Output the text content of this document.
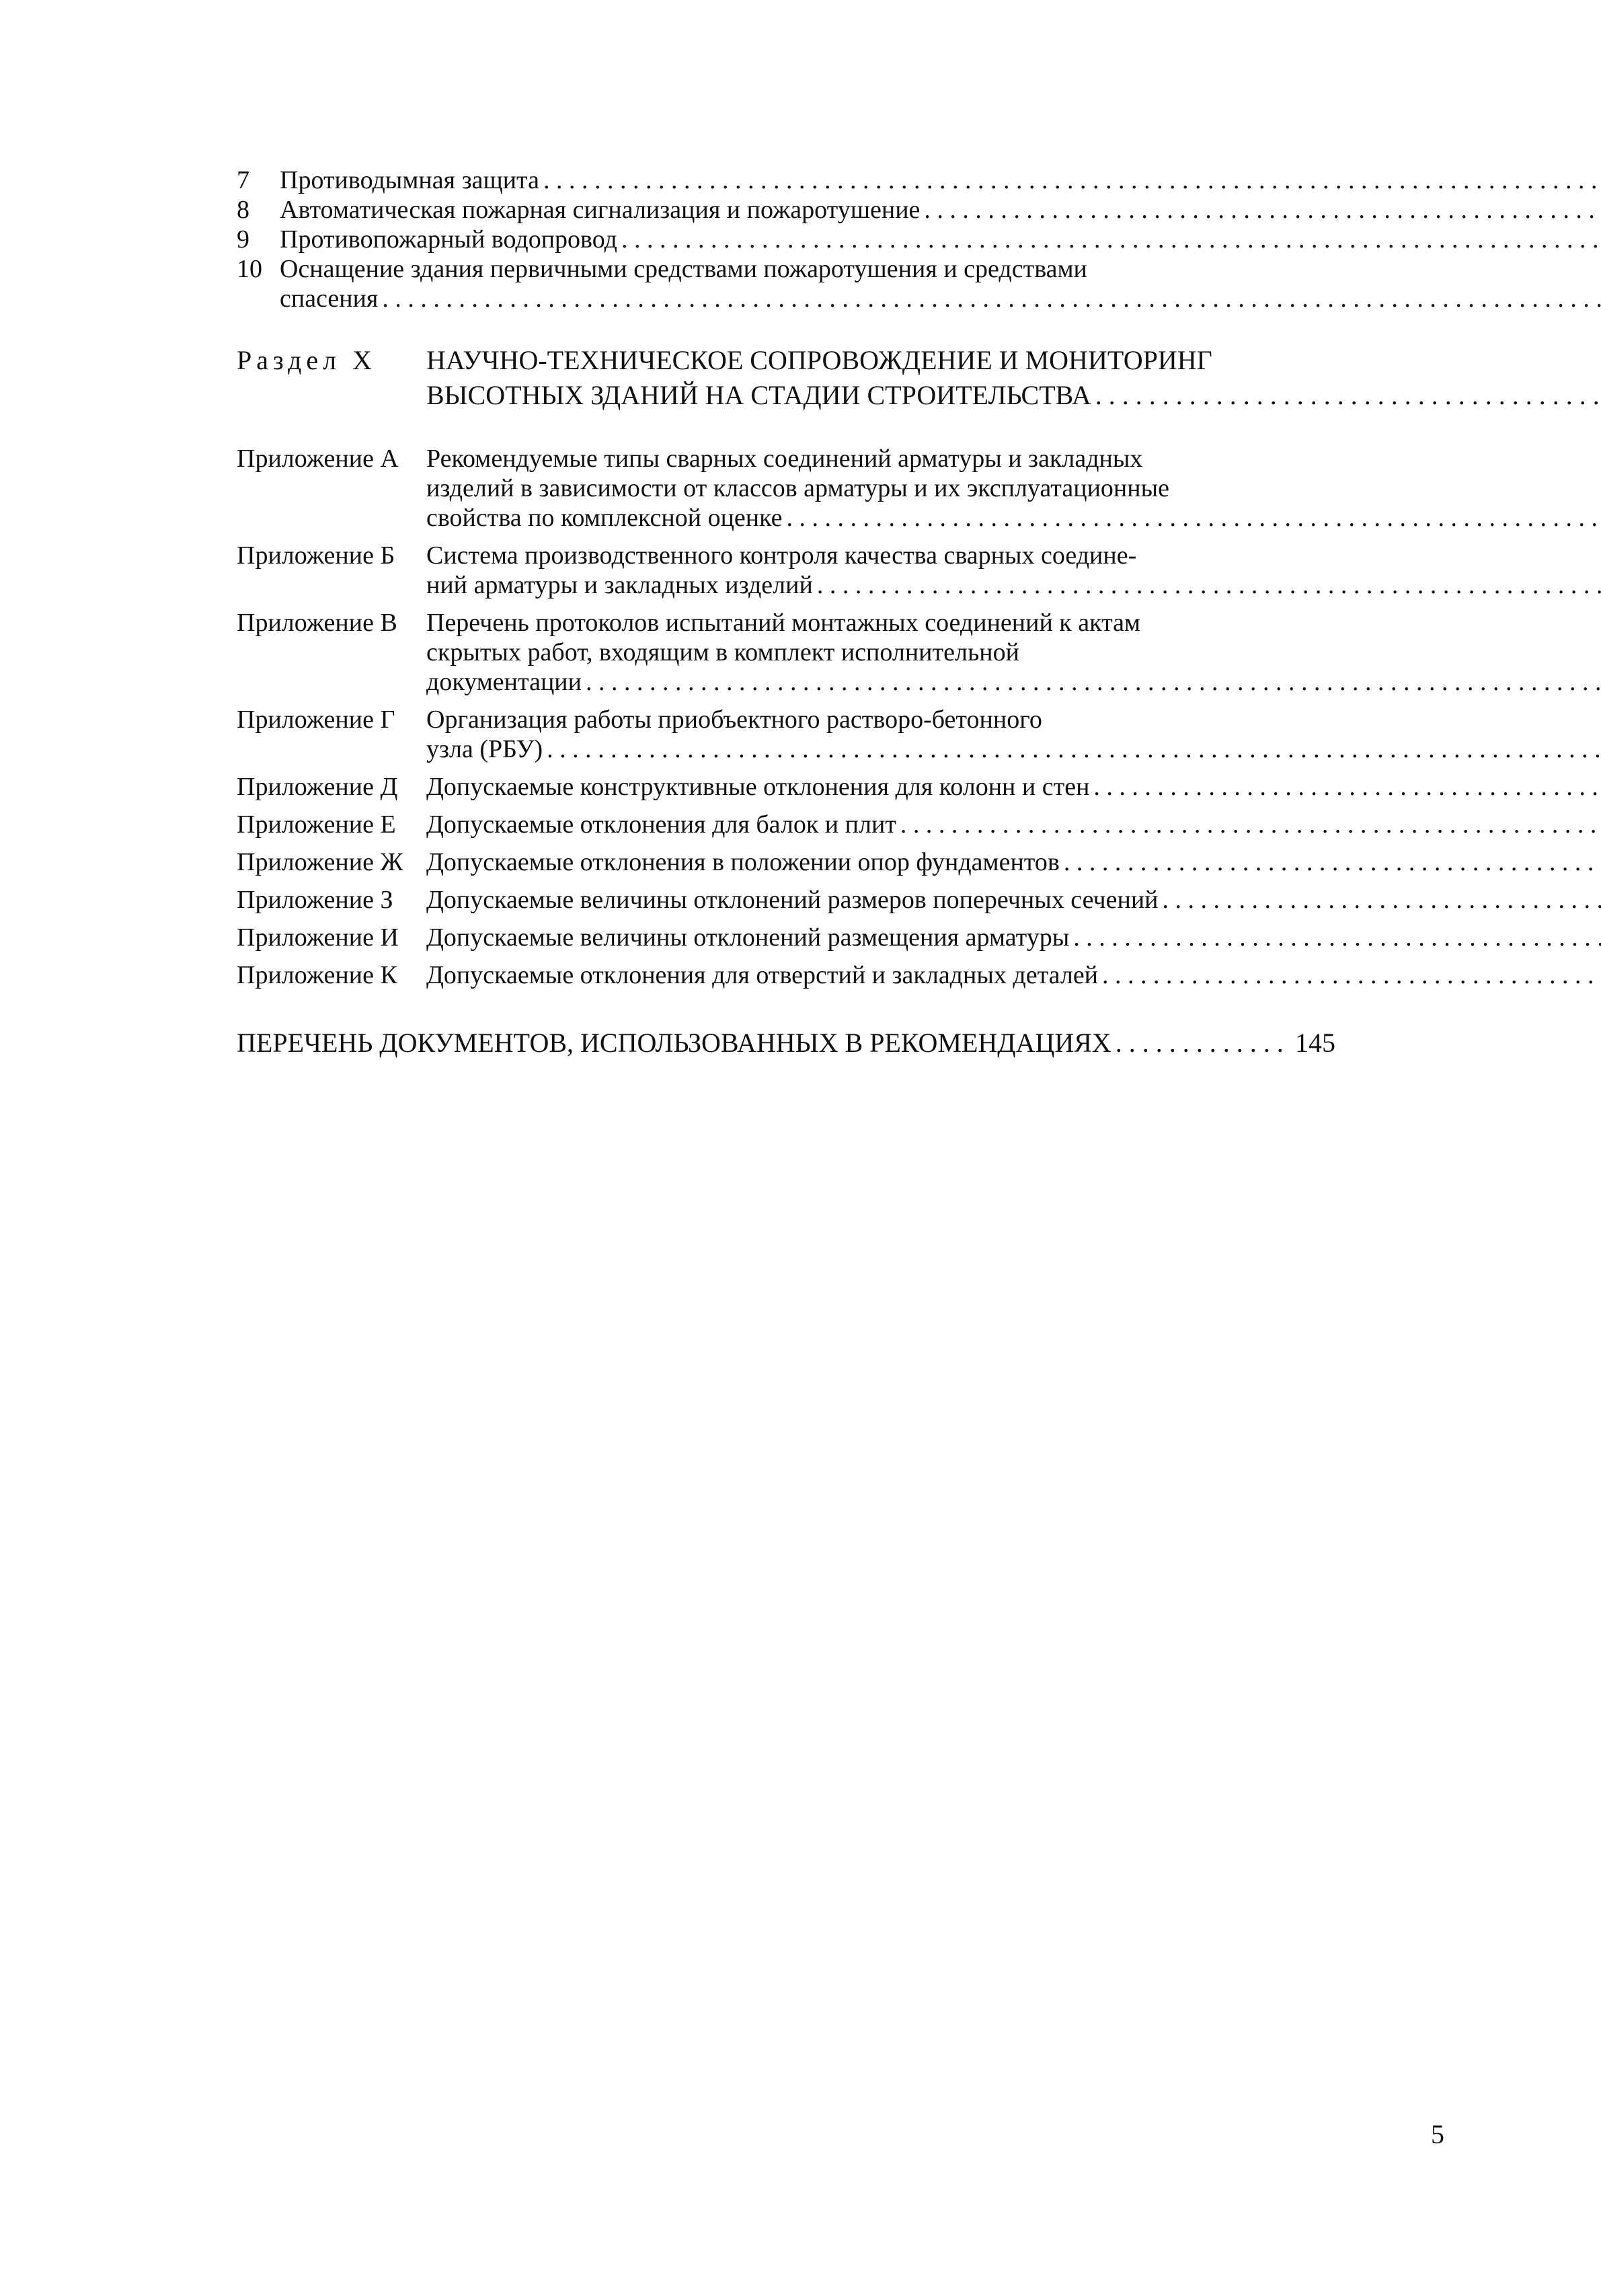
7	Противодымная защита
. . .
8	Автоматическая пожарная сигнализация и пожаротушение
. . .
9	Противопожарный водопровод
. . .
10 Оснащение здания первичными средствами пожаротушения и средствами
спасения
. . .
Раздел X	НАУЧНО-ТЕХНИЧЕСКОЕ СОПРОВОЖДЕНИЕ И МОНИТОРИНГ
ВЫСОТНЫХ ЗДАНИЙ НА СТАДИИ СТРОИТЕЛЬСТВА
. . .
Приложение А	Рекомендуемые типы сварных соединений арматуры и закладных
изделий в зависимости от классов арматуры и их эксплуатационные
свойства по комплексной оценке
. . .
Приложение Б	Система производственного контроля качества сварных соедине-
ний арматуры и закладных изделий
. . .
Приложение В	Перечень протоколов испытаний монтажных соединений к актам
скрытых работ, входящим в комплект исполнительной
документации
. . .
Приложение Г	Организация работы приобъектного растворо-бетонного
узла (РБУ)
. . .
Приложение Д	Допускаемые конструктивные отклонения для колонн и стен
. . .
Приложение Е	Допускаемые отклонения для балок и плит
. . .
Приложение Ж Допускаемые отклонения в положении опор фундаментов
. . .
Приложение З	Допускаемые величины отклонений размеров поперечных сечений
. . .
Приложение И	Допускаемые величины отклонений размещения арматуры
. . .
Приложение К	Допускаемые отклонения для отверстий и закладных деталей
. . .
ПЕРЕЧЕНЬ ДОКУМЕНТОВ, ИСПОЛЬЗОВАННЫХ В РЕКОМЕНДАЦИЯХ
. . .	145
5
